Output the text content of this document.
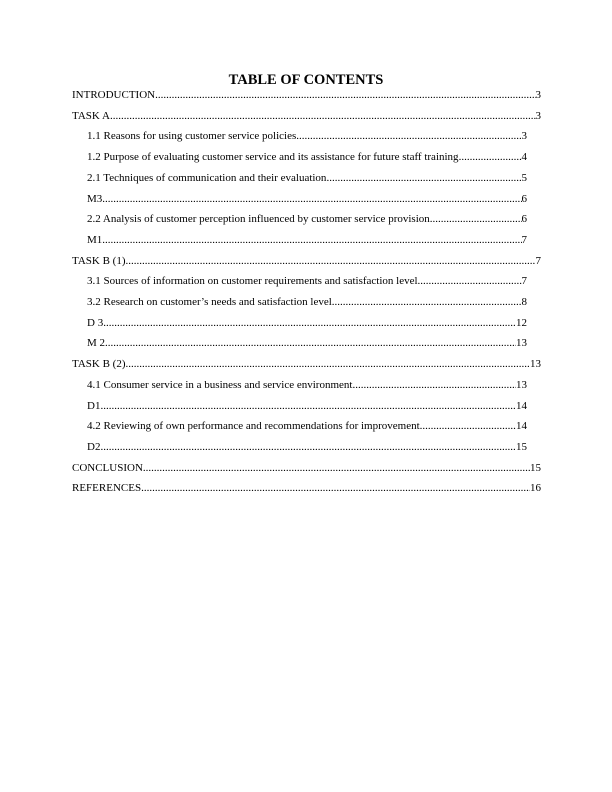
TABLE OF CONTENTS
INTRODUCTION .....	3
TASK A .....	3
1.1 Reasons for using customer service policies .....	3
1.2 Purpose of evaluating customer service and its assistance for future staff training .....	4
2.1 Techniques of communication and their evaluation .....	5
M3 .....	6
2.2 Analysis of customer perception influenced by customer service provision .....	6
M1 .....	7
TASK B (1) .....	7
3.1 Sources of information on customer requirements and satisfaction level .....	7
3.2 Research on customer’s needs and satisfaction level .....	8
D 3 .....	12
M 2 .....	13
TASK B (2) .....	13
4.1 Consumer service in a business and service environment .....	13
D1 .....	14
4.2 Reviewing of own performance and recommendations for improvement .....	14
D2 .....	15
CONCLUSION .....	15
REFERENCES .....	16
